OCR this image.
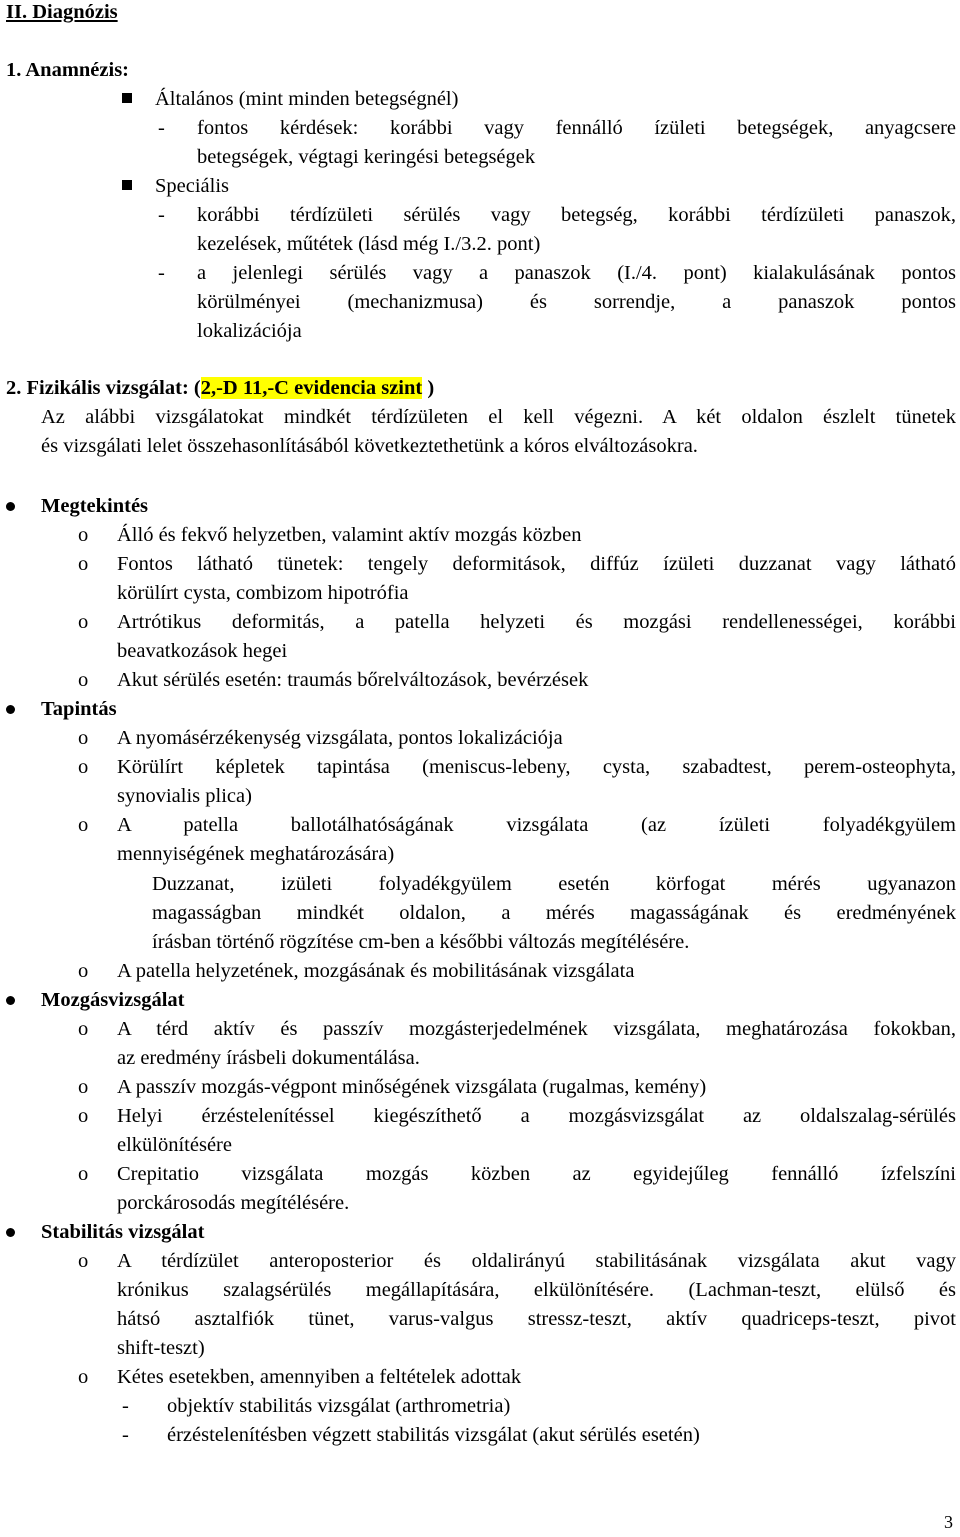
II. Diagnózis
1. Anamnézis:
Általános (mint minden betegségnél)
- fontos kérdések: korábbi vagy fennálló ízületi betegségek, anyagcsere
betegségek, végtagi keringési betegségek
Speciális
- korábbi térdízületi sérülés vagy betegség, korábbi térdízületi panaszok,
kezelések, műtétek (lásd még I./3.2. pont)
- a jelenlegi sérülés vagy a panaszok (I./4. pont) kialakulásának pontos
körülményei (mechanizmusa) és sorrendje, a panaszok pontos
lokalizációja
2. Fizikális vizsgálat: (2,-D 11,-C evidencia szint )
Az alábbi vizsgálatokat mindkét térdízületen el kell végezni. A két oldalon észlelt tünetek
és vizsgálati lelet összehasonlításából következtethetünk a kóros elváltozásokra.
Megtekintés
o Álló és fekvő helyzetben, valamint aktív mozgás közben
o Fontos látható tünetek: tengely deformitások, diffúz ízületi duzzanat vagy látható
körülírt cysta, combizom hipotrófia
o Artrótikus deformitás, a patella helyzeti és mozgási rendellenességei, korábbi
beavatkozások hegei
o Akut sérülés esetén: traumás bőrelváltozások, bevérzések
Tapintás
o A nyomásérzékenység vizsgálata, pontos lokalizációja
o Körülírt képletek tapintása (meniscus-lebeny, cysta, szabadtest, perem-osteophyta,
synovialis plica)
o A patella ballotálhatóságának vizsgálata (az ízületi folyadékgyülem
mennyiségének meghatározására)
Duzzanat, izületi folyadékgyülem esetén körfogat mérés ugyanazon
magasságban mindkét oldalon, a mérés magasságának és eredményének
írásban történő rögzítése cm-ben a későbbi változás megítélésére.
o A patella helyzetének, mozgásának és mobilitásának vizsgálata
Mozgásvizsgálat
o A térd aktív és passzív mozgásterjedelmének vizsgálata, meghatározása fokokban,
az eredmény írásbeli dokumentálása.
o A passzív mozgás-végpont minőségének vizsgálata (rugalmas, kemény)
o Helyi érzéstelenítéssel kiegészíthető a mozgásvizsgálat az oldalszalag-sérülés
elkülönítésére
o Crepitatio vizsgálata mozgás közben az egyidejűleg fennálló ízfelszíni
porckárosodás megítélésére.
Stabilitás vizsgálat
o A térdízület anteroposterior és oldalirányú stabilitásának vizsgálata akut vagy
krónikus szalagsérülés megállapítására, elkülönítésére. (Lachman-teszt, elülső és
hátsó asztalfiók tünet, varus-valgus stressz-teszt, aktív quadriceps-teszt, pivot
shift-teszt)
o Kétes esetekben, amennyiben a feltételek adottak
- objektív stabilitás vizsgálat (arthrometria)
- érzéstelenítésben végzett stabilitás vizsgálat (akut sérülés esetén)
3
